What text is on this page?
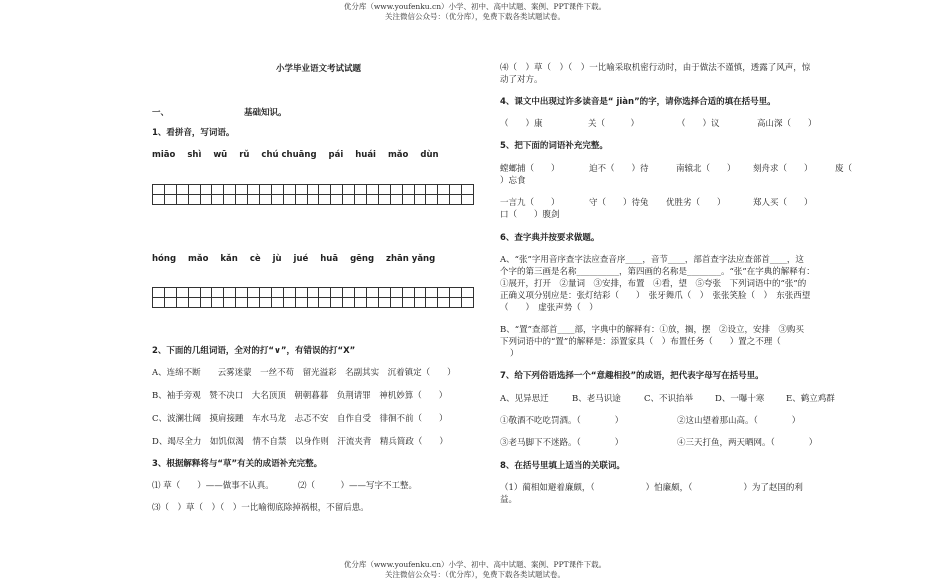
优分库（www.youfenku.cn）小学、初中、高中试题、案例、PPT课件下载。
关注微信公众号：（优分库），免费下载各类试题试卷。
优分库（www.youfenku.cn）小学、初中、高中试题、案例、PPT课件下载。
关注微信公众号：（优分库），免费下载各类试题试卷。
小学毕业语文考试试题
一、	基础知识。
1、看拼音，写词语。
miāo shì wū rǔ chú chuāng pái huái mǎo dùn
hóng mǎo kǎn cè jù jué huā gēng zhān yǎng
2、下面的几组词语，全对的打“∨”，有错误的打“X”
A、连绵不断　　云雾迷蒙　一丝不苟　留光溢彩　名副其实　沉着镇定（　　）
B、袖手旁观　赞不决口　大名顶顶　朝朝暮暮　负荆请罪　神机妙算（　　）
C、波澜壮阔　摸肩接踵　车水马龙　忐忑不安　自作自受　徘徊不前（　　）
D、竭尽全力　如饥似渴　情不自禁　以身作则　汗流夹背　精兵简政（　　）
3、根据解释将与“草”有关的成语补充完整。
⑴ 草（　　）——做事不认真。	⑵（　　　）——写字不工整。
⑶（　）草（　）（　）一比喻彻底除掉祸根，不留后患。
⑷（　）草（　）（　）一比喻采取机密行动时，由于做法不谨慎，透露了风声，惊
动了对方。
4、课文中出现过许多读音是“ jiàn”的字，请你选择合适的填在括号里。
（　　）康	关（　　　）	（　　）议	高山深（　　）
5、把下面的词语补充完整。
螳螂捕（　　）	迫不（　　）待	南辕北（　　） 刻舟求（　　）	废（
）忘食
一言九（　　）	守（　　）待兔 优胜劣（　　）	郑人买（　　）
口（　　）腹剑
6、查字典并按要求做题。
A、“张”字用音序查字法应查音序____，音节____，部首查字法应查部首____，这
个字的第三画是名称__________，第四画的名称是________。“张”在字典的解释有：
①展开，打开　②量词　③安排，布置　④看，望　⑤夸张　下列词语中的“张”的
正确义项分别应是：张灯结彩（　　）　张牙舞爪（　）　张张笑脸（　）　东张西望
（　　）　虚张声势（　）
B、“置”查部首____部，字典中的解释有：①放，搁，摆　②设立，安排　③购买
下列词语中的“置”的解释是：添置家具（　）布置任务（　　）置之不理（
）
7、给下列俗语选择一个“意趣相投”的成语，把代表字母写在括号里。
A、见异思迁	B、老马识途	C、不识抬举	D、一曝十寒	E、鹤立鸡群
①敬酒不吃吃罚酒。（　　　　）	②这山望着那山高。（　　　　）
③老马脚下不迷路。（　　　　）	④三天打鱼，两天晒网。（　　　　）
8、在括号里填上适当的关联词。
（1）蔺相如避着廉颇，（　　　　　　）怕廉颇，（　　　　　　）为了赵国的利
益。
